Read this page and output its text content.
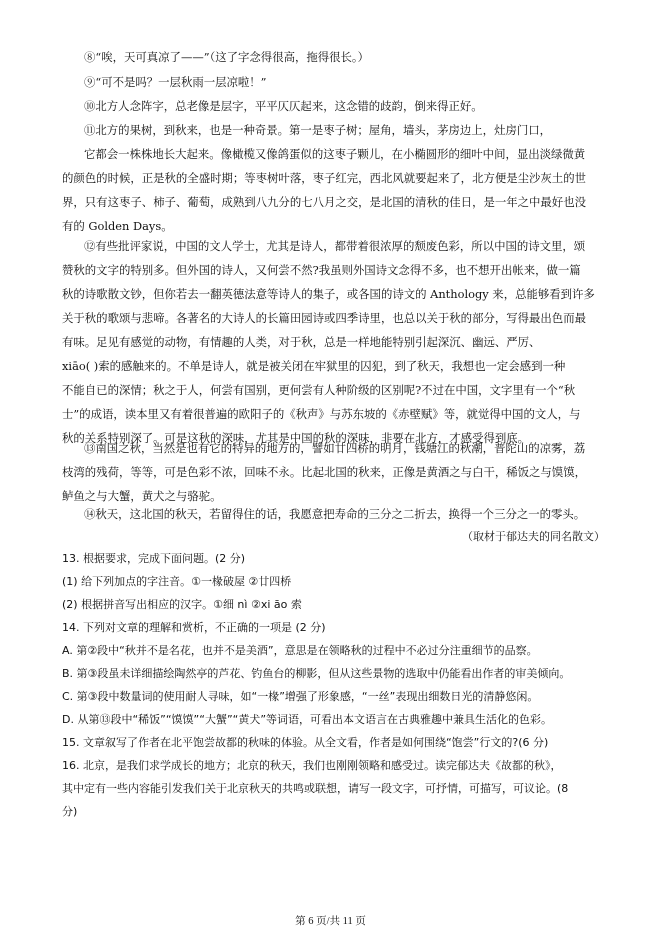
⑧“唉，天可真凉了——”（这了字念得很高，拖得很长。）
⑨“可不是吗？一层秋雨一层凉啦！”
⑩北方人念阵字，总老像是层字，平平仄仄起来，这念错的歧韵，倒来得正好。
⑪北方的果树，到秋来，也是一种奇景。第一是枣子树；屋角，墙头，茅房边上，灶房门口，
它都会一株株地长大起来。像橄榄又像鸽蛋似的这枣子颗儿，在小椭圆形的细叶中间，显出淡绿微黄
的颜色的时候，正是秋的全盛时期；等枣树叶落，枣子红完，西北风就要起来了，北方便是尘沙灰土的世
界，只有这枣子、柿子、葡萄，成熟到八九分的七八月之交，是北国的清秋的佳日，是一年之中最好也没
有的 Golden Days。
⑫有些批评家说，中国的文人学士，尤其是诗人，都带着很浓厚的颓废色彩，所以中国的诗文里，颂
赞秋的文字的特别多。但外国的诗人，又何尝不然?我虽则外国诗文念得不多，也不想开出帐来，做一篇
秋的诗歌散文钞，但你若去一翻英德法意等诗人的集子，或各国的诗文的 Anthology 来，总能够看到许多
关于秋的歌颂与悲啼。各著名的大诗人的长篇田园诗或四季诗里，也总以关于秋的部分，写得最出色而最
有味。足见有感觉的动物，有情趣的人类，对于秋，总是一样地能特别引起深沉、幽远、严厉、
xiāo( )索的感触来的。不单是诗人，就是被关闭在牢狱里的囚犯，到了秋天，我想也一定会感到一种
不能自已的深情；秋之于人，何尝有国别，更何尝有人种阶级的区别呢?不过在中国，文字里有一个“秋
士”的成语，读本里又有着很普遍的欧阳子的《秋声》与苏东坡的《赤壁赋》等，就觉得中国的文人，与
秋的关系特别深了。可是这秋的深味，尤其是中国的秋的深味，非要在北方，才感受得到底。
⑬南国之秋，当然是也有它的特异的地方的，譬如廿四桥的明月，钱塘江的秋潮，普陀山的凉雾，荔
枝湾的残荷，等等，可是色彩不浓，回味不永。比起北国的秋来，正像是黄酒之与白干，稀饭之与馍馍，
鲈鱼之与大蟹，黄犬之与骆驼。
⑭秋天，这北国的秋天，若留得住的话，我愿意把寿命的三分之二折去，换得一个三分之一的零头。
（取材于郁达夫的同名散文）
13. 根据要求，完成下面问题。(2 分)
(1) 给下列加点的字注音。①一椽破屋 ②廿四桥
(2) 根据拼音写出相应的汉字。①细 nì ②xi āo 索
14. 下列对文章的理解和赏析，不正确的一项是 (2 分)
A. 第②段中“秋并不是名花，也并不是美酒”，意思是在领略秋的过程中不必过分注重细节的品察。
B. 第③段虽未详细描绘陶然亭的芦花、钓鱼台的柳影，但从这些景物的选取中仍能看出作者的审美倾向。
C. 第③段中数量词的使用耐人寻味，如“一椽”增强了形象感，“一丝”表现出细数日光的清静悠闲。
D. 从第⑬段中“稀饭”“馍馍”“大蟹”“黄犬”等词语，可看出本文语言在古典雅趣中兼具生活化的色彩。
15. 文章叙写了作者在北平饱尝故都的秋味的体验。从全文看，作者是如何围绕“饱尝”行文的?(6 分)
16. 北京，是我们求学成长的地方；北京的秋天，我们也刚刚领略和感受过。读完郁达夫《故都的秋》，
其中定有一些内容能引发我们关于北京秋天的共鸣或联想，请写一段文字，可抒情，可描写，可议论。(8
分)
第 6 页/共 11 页
